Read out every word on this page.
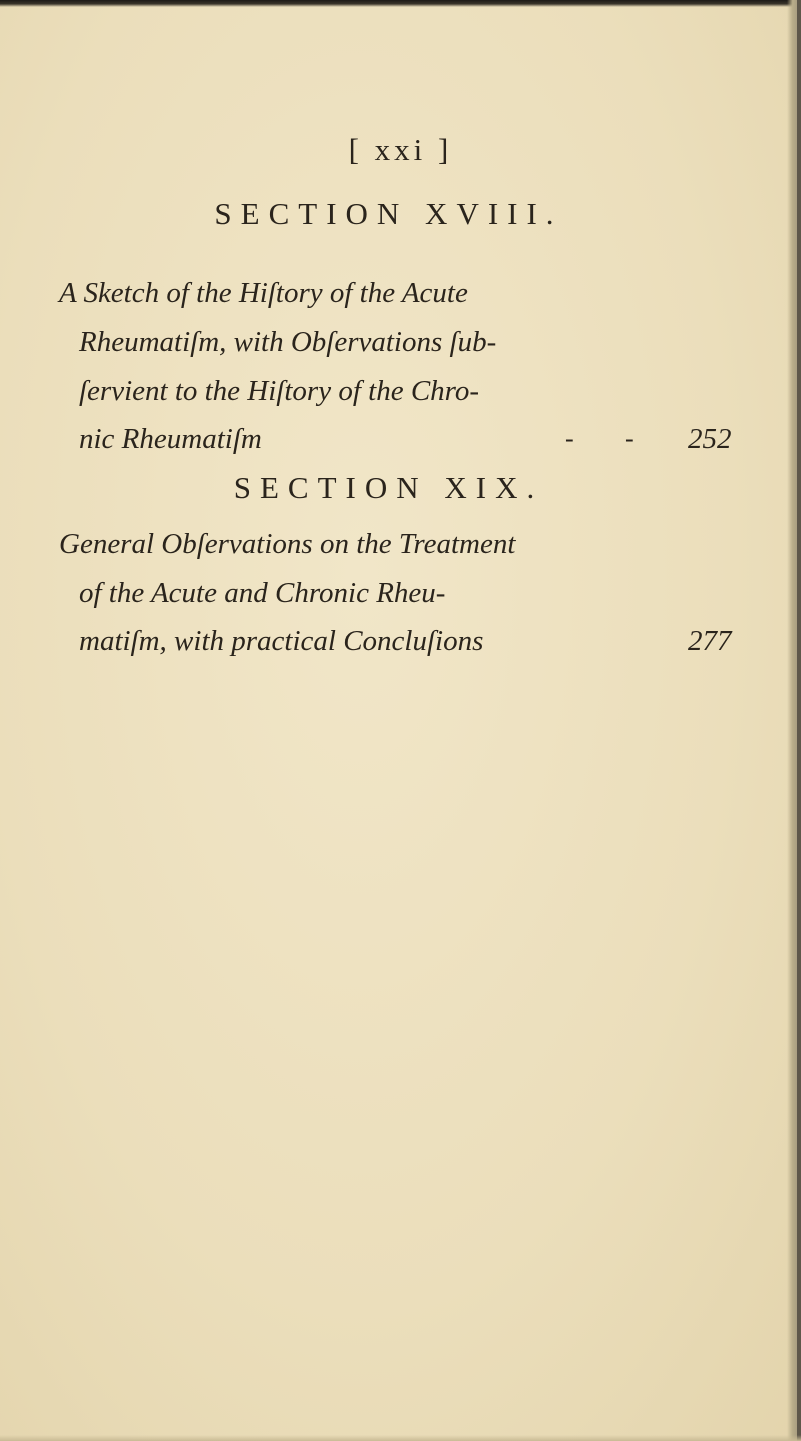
[ xxi ]
SECTION XVIII.
A Sketch of the Hiſtory of the Acute
Rheumatiſm, with Obſervations ſub-
ſervient to the Hiſtory of the Chro-
nic Rheumatiſm	- - 252
SECTION XIX.
General Obſervations on the Treatment
of the Acute and Chronic Rheu-
matiſm, with practical Concluſions	277
